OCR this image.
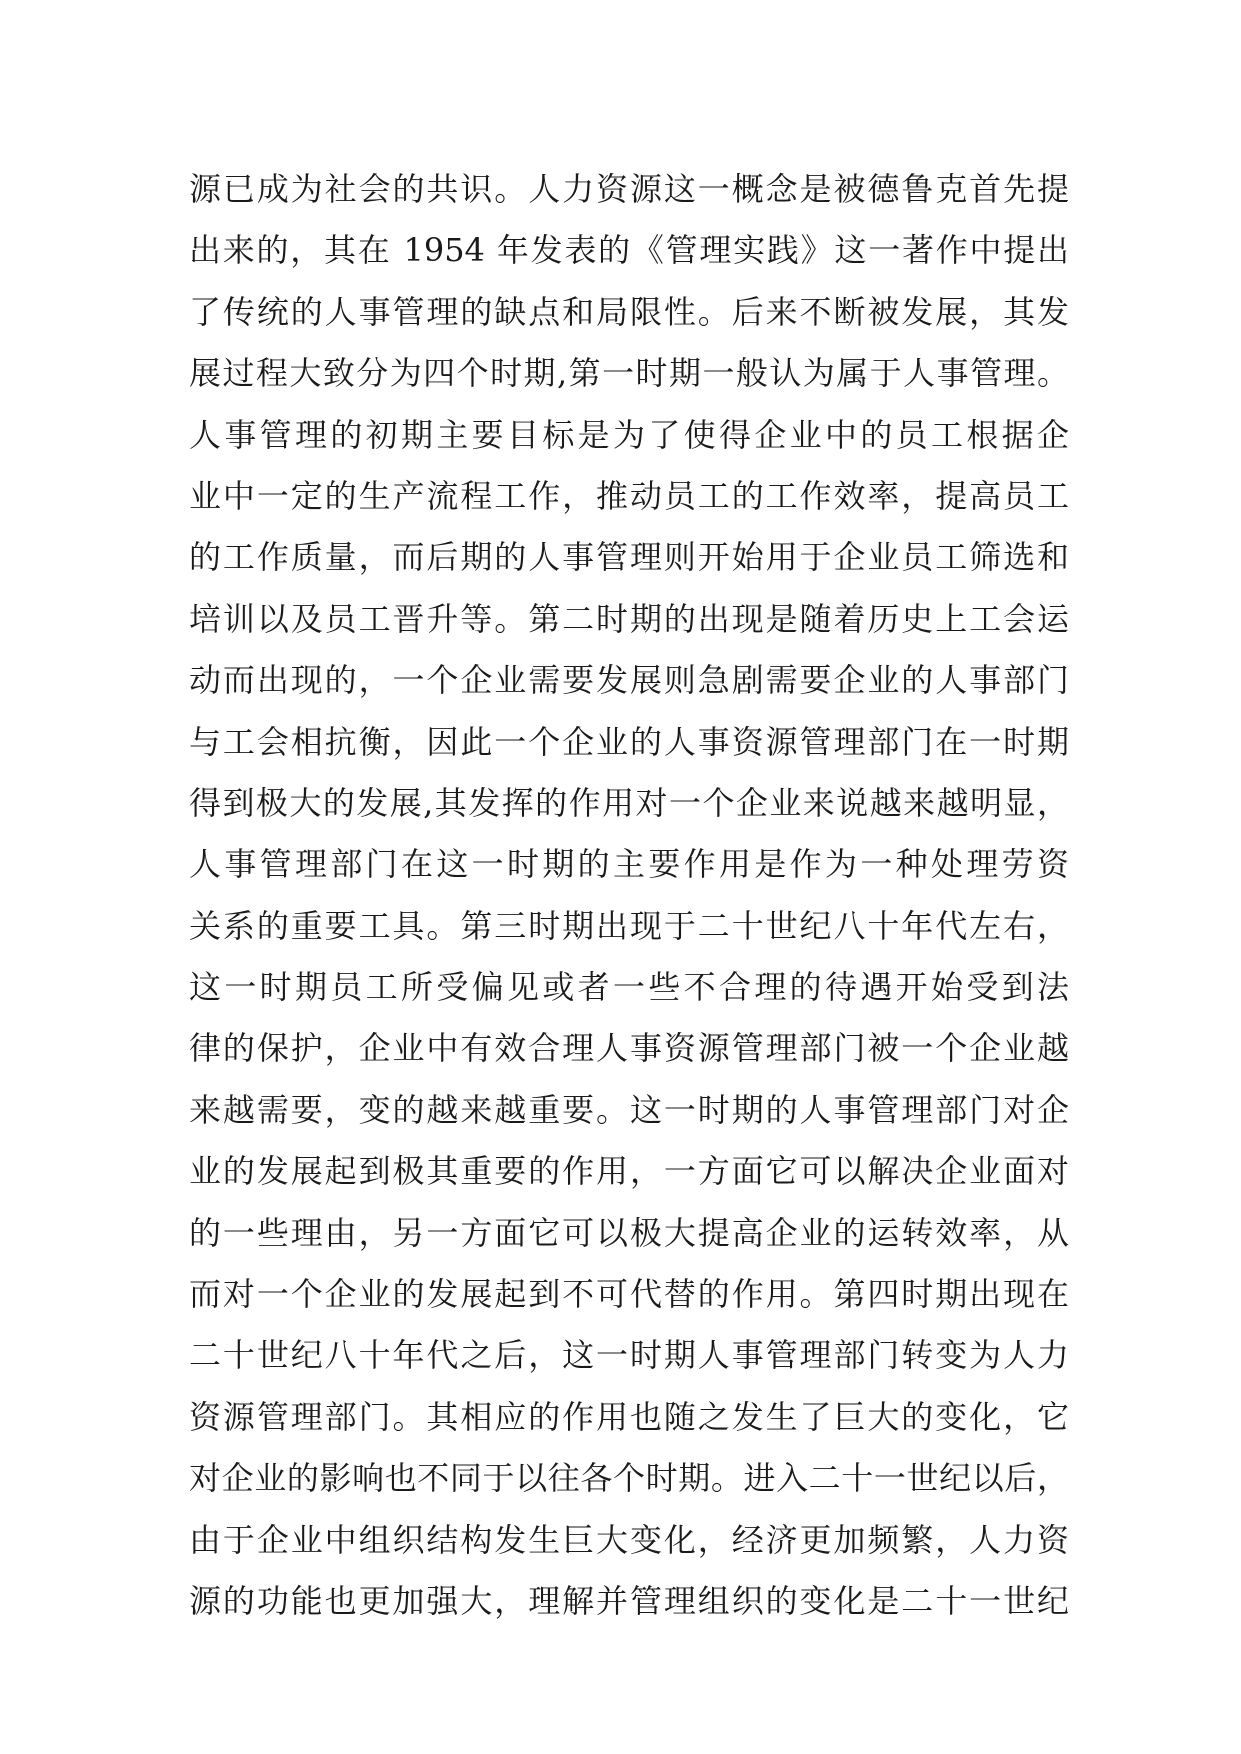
源已成为社会的共识。人力资源这一概念是被德鲁克首先提
出来的，其在 1954 年发表的《管理实践》这一著作中提出
了传统的人事管理的缺点和局限性。后来不断被发展，其发
展过程大致分为四个时期,第一时期一般认为属于人事管理。
人事管理的初期主要目标是为了使得企业中的员工根据企
业中一定的生产流程工作，推动员工的工作效率，提高员工
的工作质量，而后期的人事管理则开始用于企业员工筛选和
培训以及员工晋升等。第二时期的出现是随着历史上工会运
动而出现的，一个企业需要发展则急剧需要企业的人事部门
与工会相抗衡，因此一个企业的人事资源管理部门在一时期
得到极大的发展,其发挥的作用对一个企业来说越来越明显，
人事管理部门在这一时期的主要作用是作为一种处理劳资
关系的重要工具。第三时期出现于二十世纪八十年代左右，
这一时期员工所受偏见或者一些不合理的待遇开始受到法
律的保护，企业中有效合理人事资源管理部门被一个企业越
来越需要，变的越来越重要。这一时期的人事管理部门对企
业的发展起到极其重要的作用，一方面它可以解决企业面对
的一些理由，另一方面它可以极大提高企业的运转效率，从
而对一个企业的发展起到不可代替的作用。第四时期出现在
二十世纪八十年代之后，这一时期人事管理部门转变为人力
资源管理部门。其相应的作用也随之发生了巨大的变化，它
对企业的影响也不同于以往各个时期。进入二十一世纪以后，
由于企业中组织结构发生巨大变化，经济更加频繁，人力资
源的功能也更加强大，理解并管理组织的变化是二十一世纪
